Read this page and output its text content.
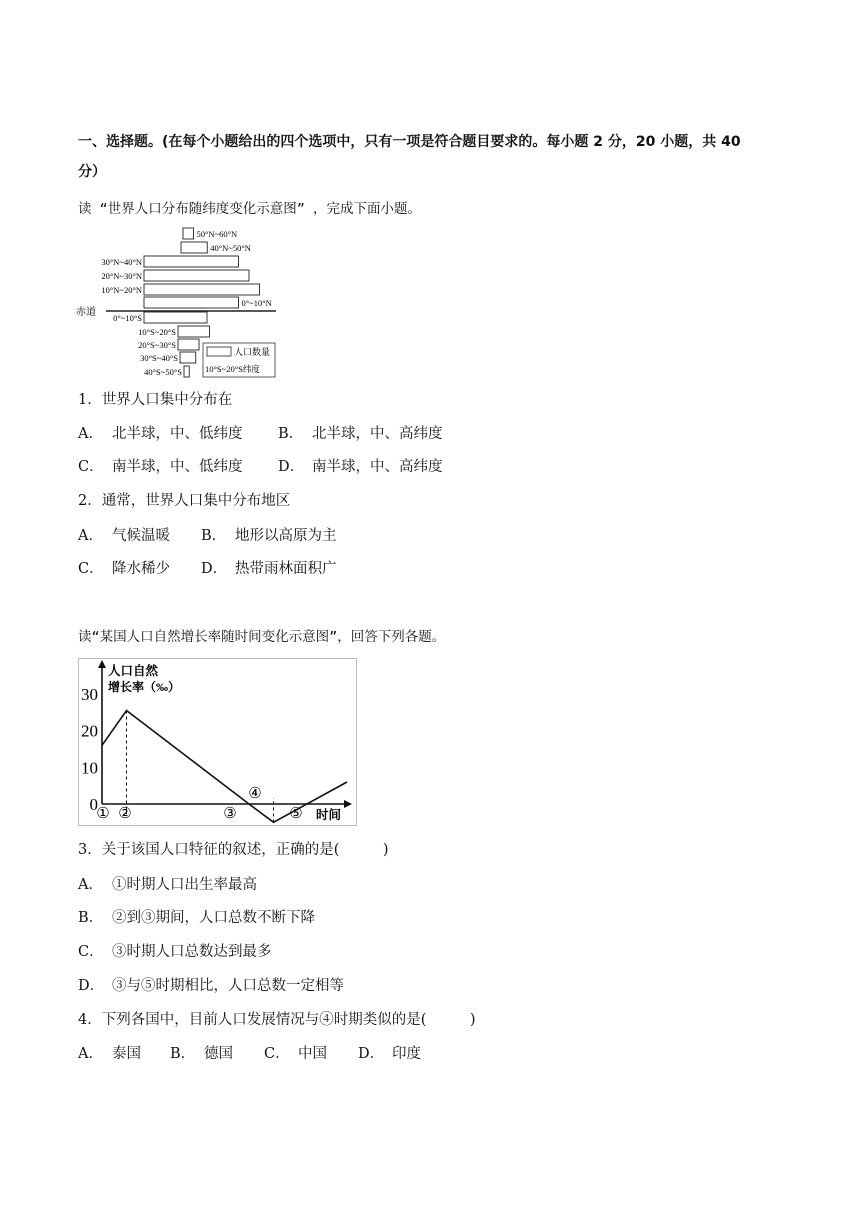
一、选择题。(在每个小题给出的四个选项中，只有一项是符合题目要求的。每小题 2 分，20 小题，共 40
分）
读 “世界人口分布随纬度变化示意图” ，完成下面小题。
50°N~60°N
40°N~50°N
30°N~40°N
20°N~30°N
10°N~20°N
0°~10°N
0°~10°S
10°S~20°S
20°S~30°S
30°S~40°S
40°S~50°S
赤道
人口数量
10°S~20°S纬度
1．世界人口集中分布在
A． 北半球，中、低纬度 B． 北半球，中、高纬度
C． 南半球，中、低纬度 D． 南半球，中、高纬度
2．通常，世界人口集中分布地区
A． 气候温暖 B． 地形以高原为主
C． 降水稀少 D． 热带雨林面积广
读“某国人口自然增长率随时间变化示意图”，回答下列各题。
人口自然
增长率（‰）
时间
30
20
10
0
① ②	③
④
⑤
3．关于该国人口特征的叙述，正确的是(　　　)
A． ①时期人口出生率最高
B． ②到③期间，人口总数不断下降
C． ③时期人口总数达到最多
D． ③与⑤时期相比，人口总数一定相等
4．下列各国中，目前人口发展情况与④时期类似的是(　　　)
A． 泰国 B． 德国 C． 中国 D． 印度
